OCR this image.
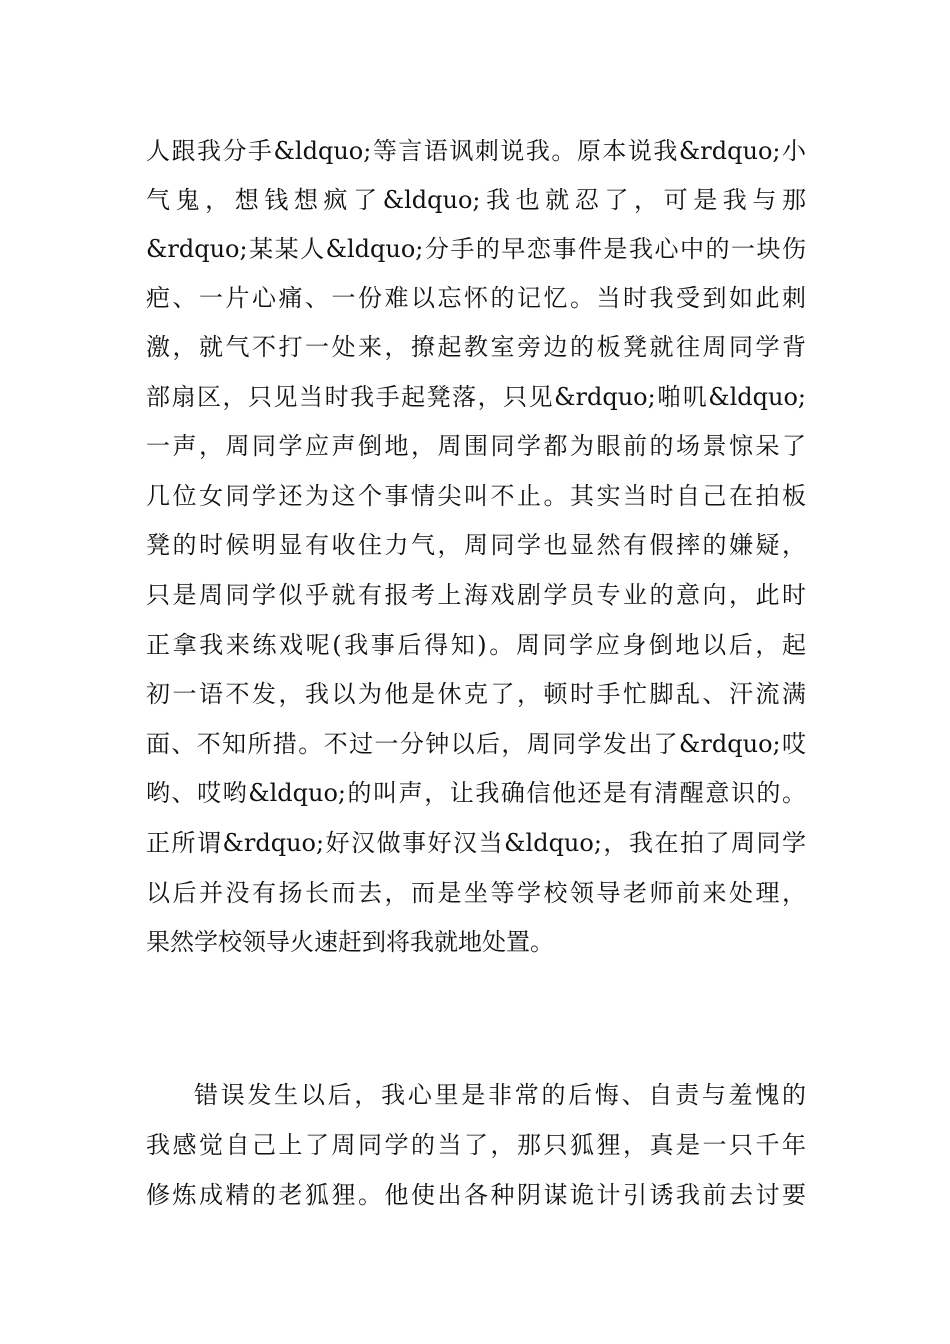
人跟我分手&ldquo;等言语讽刺说我。原本说我&rdquo;小
气鬼，想钱想疯了&ldquo;我也就忍了，可是我与那
&rdquo;某某人&ldquo;分手的早恋事件是我心中的一块伤
疤、一片心痛、一份难以忘怀的记忆。当时我受到如此刺
激，就气不打一处来，撩起教室旁边的板凳就往周同学背
部扇区，只见当时我手起凳落，只见&rdquo;啪叽&ldquo;
一声，周同学应声倒地，周围同学都为眼前的场景惊呆了
几位女同学还为这个事情尖叫不止。其实当时自己在拍板
凳的时候明显有收住力气，周同学也显然有假摔的嫌疑，
只是周同学似乎就有报考上海戏剧学员专业的意向，此时
正拿我来练戏呢(我事后得知)。周同学应身倒地以后，起
初一语不发，我以为他是休克了，顿时手忙脚乱、汗流满
面、不知所措。不过一分钟以后，周同学发出了&rdquo;哎
哟、哎哟&ldquo;的叫声，让我确信他还是有清醒意识的。
正所谓&rdquo;好汉做事好汉当&ldquo;，我在拍了周同学
以后并没有扬长而去，而是坐等学校领导老师前来处理，
果然学校领导火速赶到将我就地处置。
错误发生以后，我心里是非常的后悔、自责与羞愧的
我感觉自己上了周同学的当了，那只狐狸，真是一只千年
修炼成精的老狐狸。他使出各种阴谋诡计引诱我前去讨要
